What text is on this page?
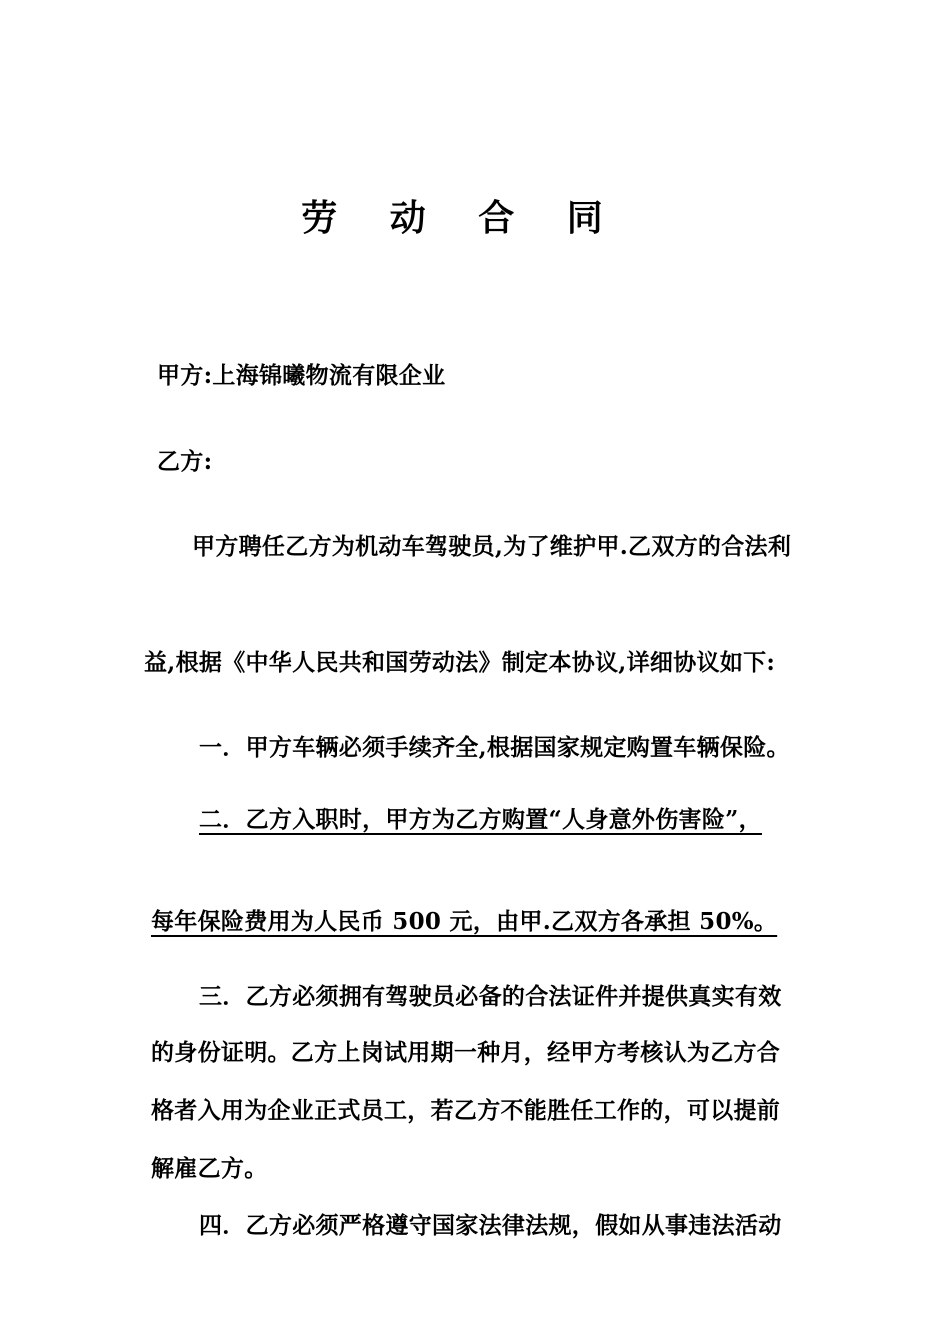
劳 动 合 同
甲方:上海锦曦物流有限企业
乙方:
甲方聘任乙方为机动车驾驶员,为了维护甲.乙双方的合法利
益,根据《中华人民共和国劳动法》制定本协议,详细协议如下:
一．甲方车辆必须手续齐全,根据国家规定购置车辆保险。
二．乙方入职时，甲方为乙方购置“人身意外伤害险”，
每年保险费用为人民币 500 元，由甲.乙双方各承担 50%。
三．乙方必须拥有驾驶员必备的合法证件并提供真实有效
的身份证明。乙方上岗试用期一种月，经甲方考核认为乙方合
格者入用为企业正式员工，若乙方不能胜任工作的，可以提前
解雇乙方。
四．乙方必须严格遵守国家法律法规，假如从事违法活动
